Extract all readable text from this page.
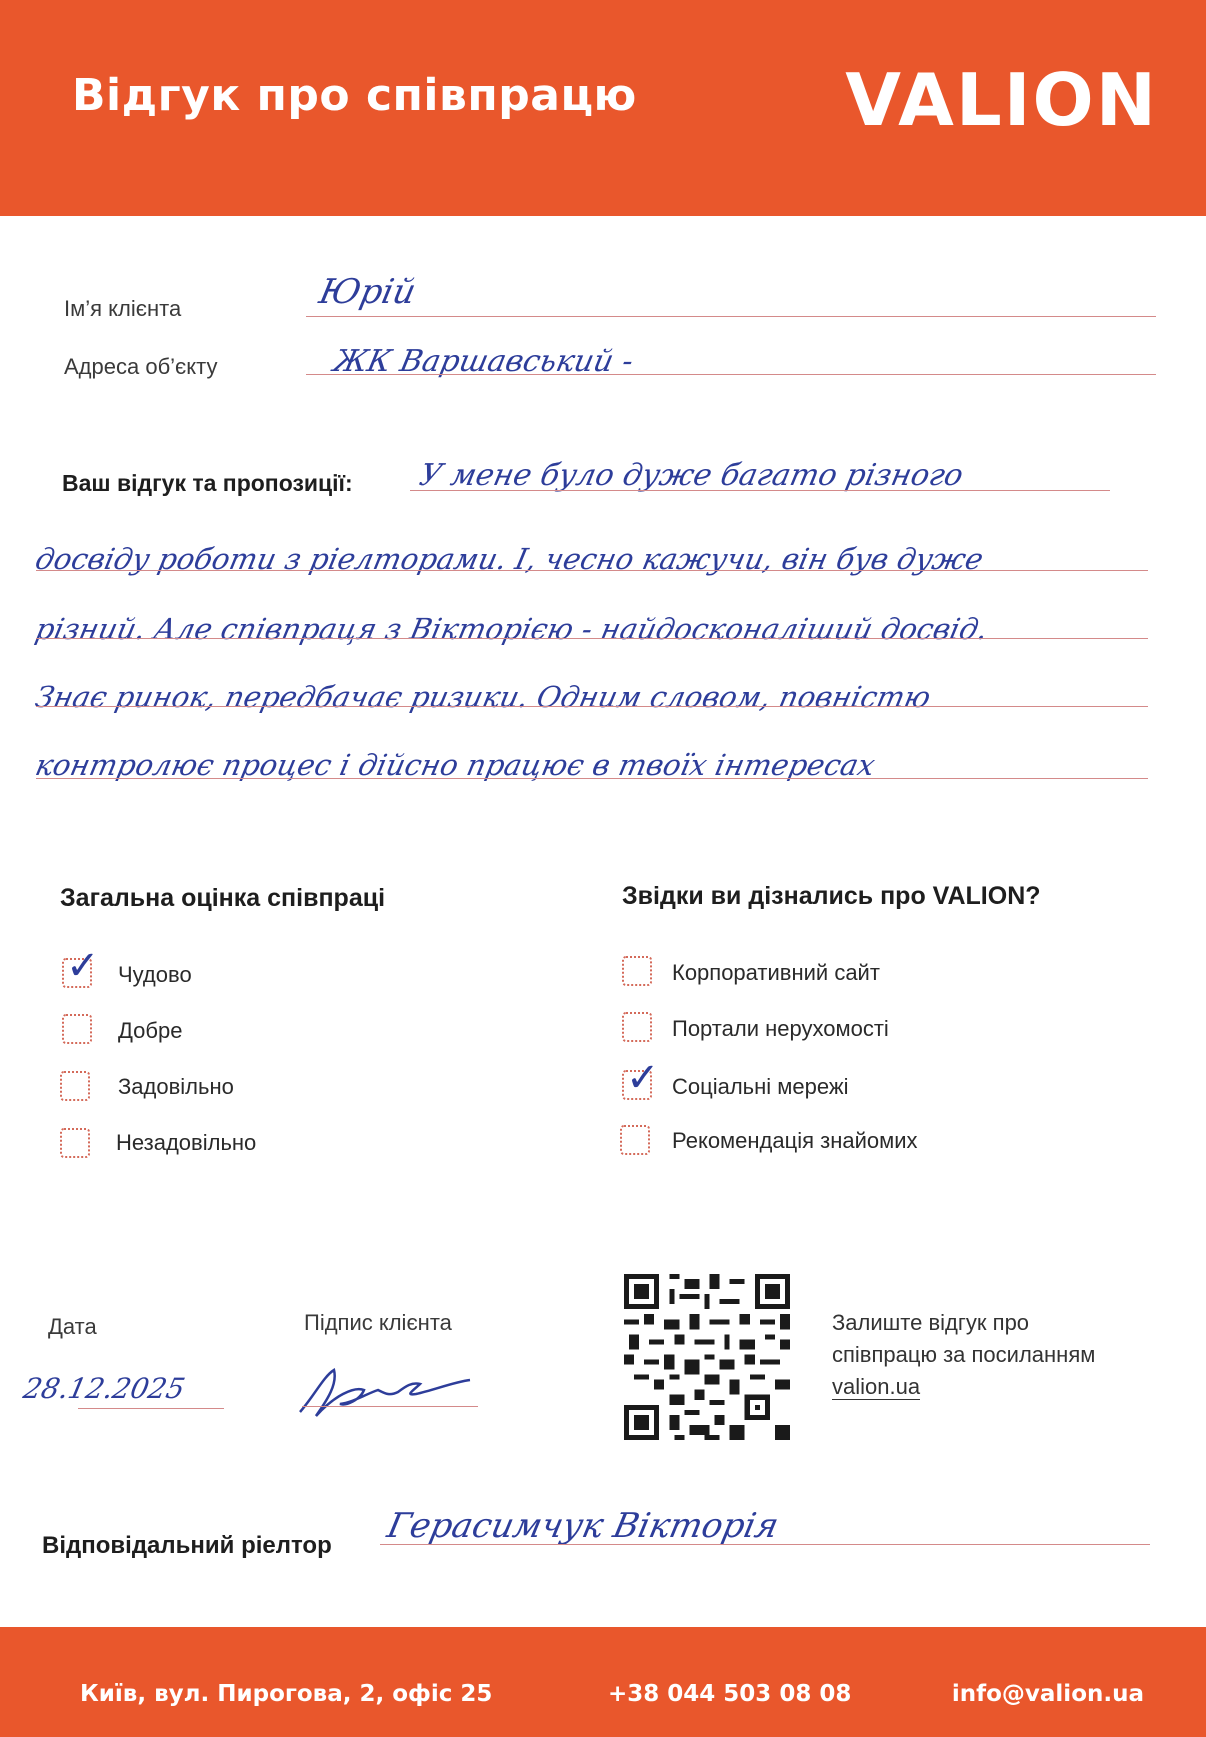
Відгук про співпрацю	VALION
Ім’я клієнта	Юрій
Адреса об’єкту	ЖК Варшавський -
Ваш відгук та пропозиції: У мене було дуже багато різного
досвіду роботи з ріелторами. І, чесно кажучи, він був дуже
різний. Але співпраця з Вікторією - найдосконаліший досвід.
Знає ринок, передбачає ризики. Одним словом, повністю
контролює процес і дійсно працює в твоїх інтересах
Загальна оцінка співпраці
✓ Чудово
Добре
Задовільно
Незадовільно
Звідки ви дізнались про VALION?
Корпоративний сайт
Портали нерухомості
✓ Соціальні мережі
Рекомендація знайомих
Дата
28.12.2025
Підпис клієнта	Залиште відгук про
співпрацю за посиланням
valion.ua
Відповідальний ріелтор Герасимчук Вікторія
Київ, вул. Пирогова, 2, офіс 25	+38 044 503 08 08	info@valion.ua
